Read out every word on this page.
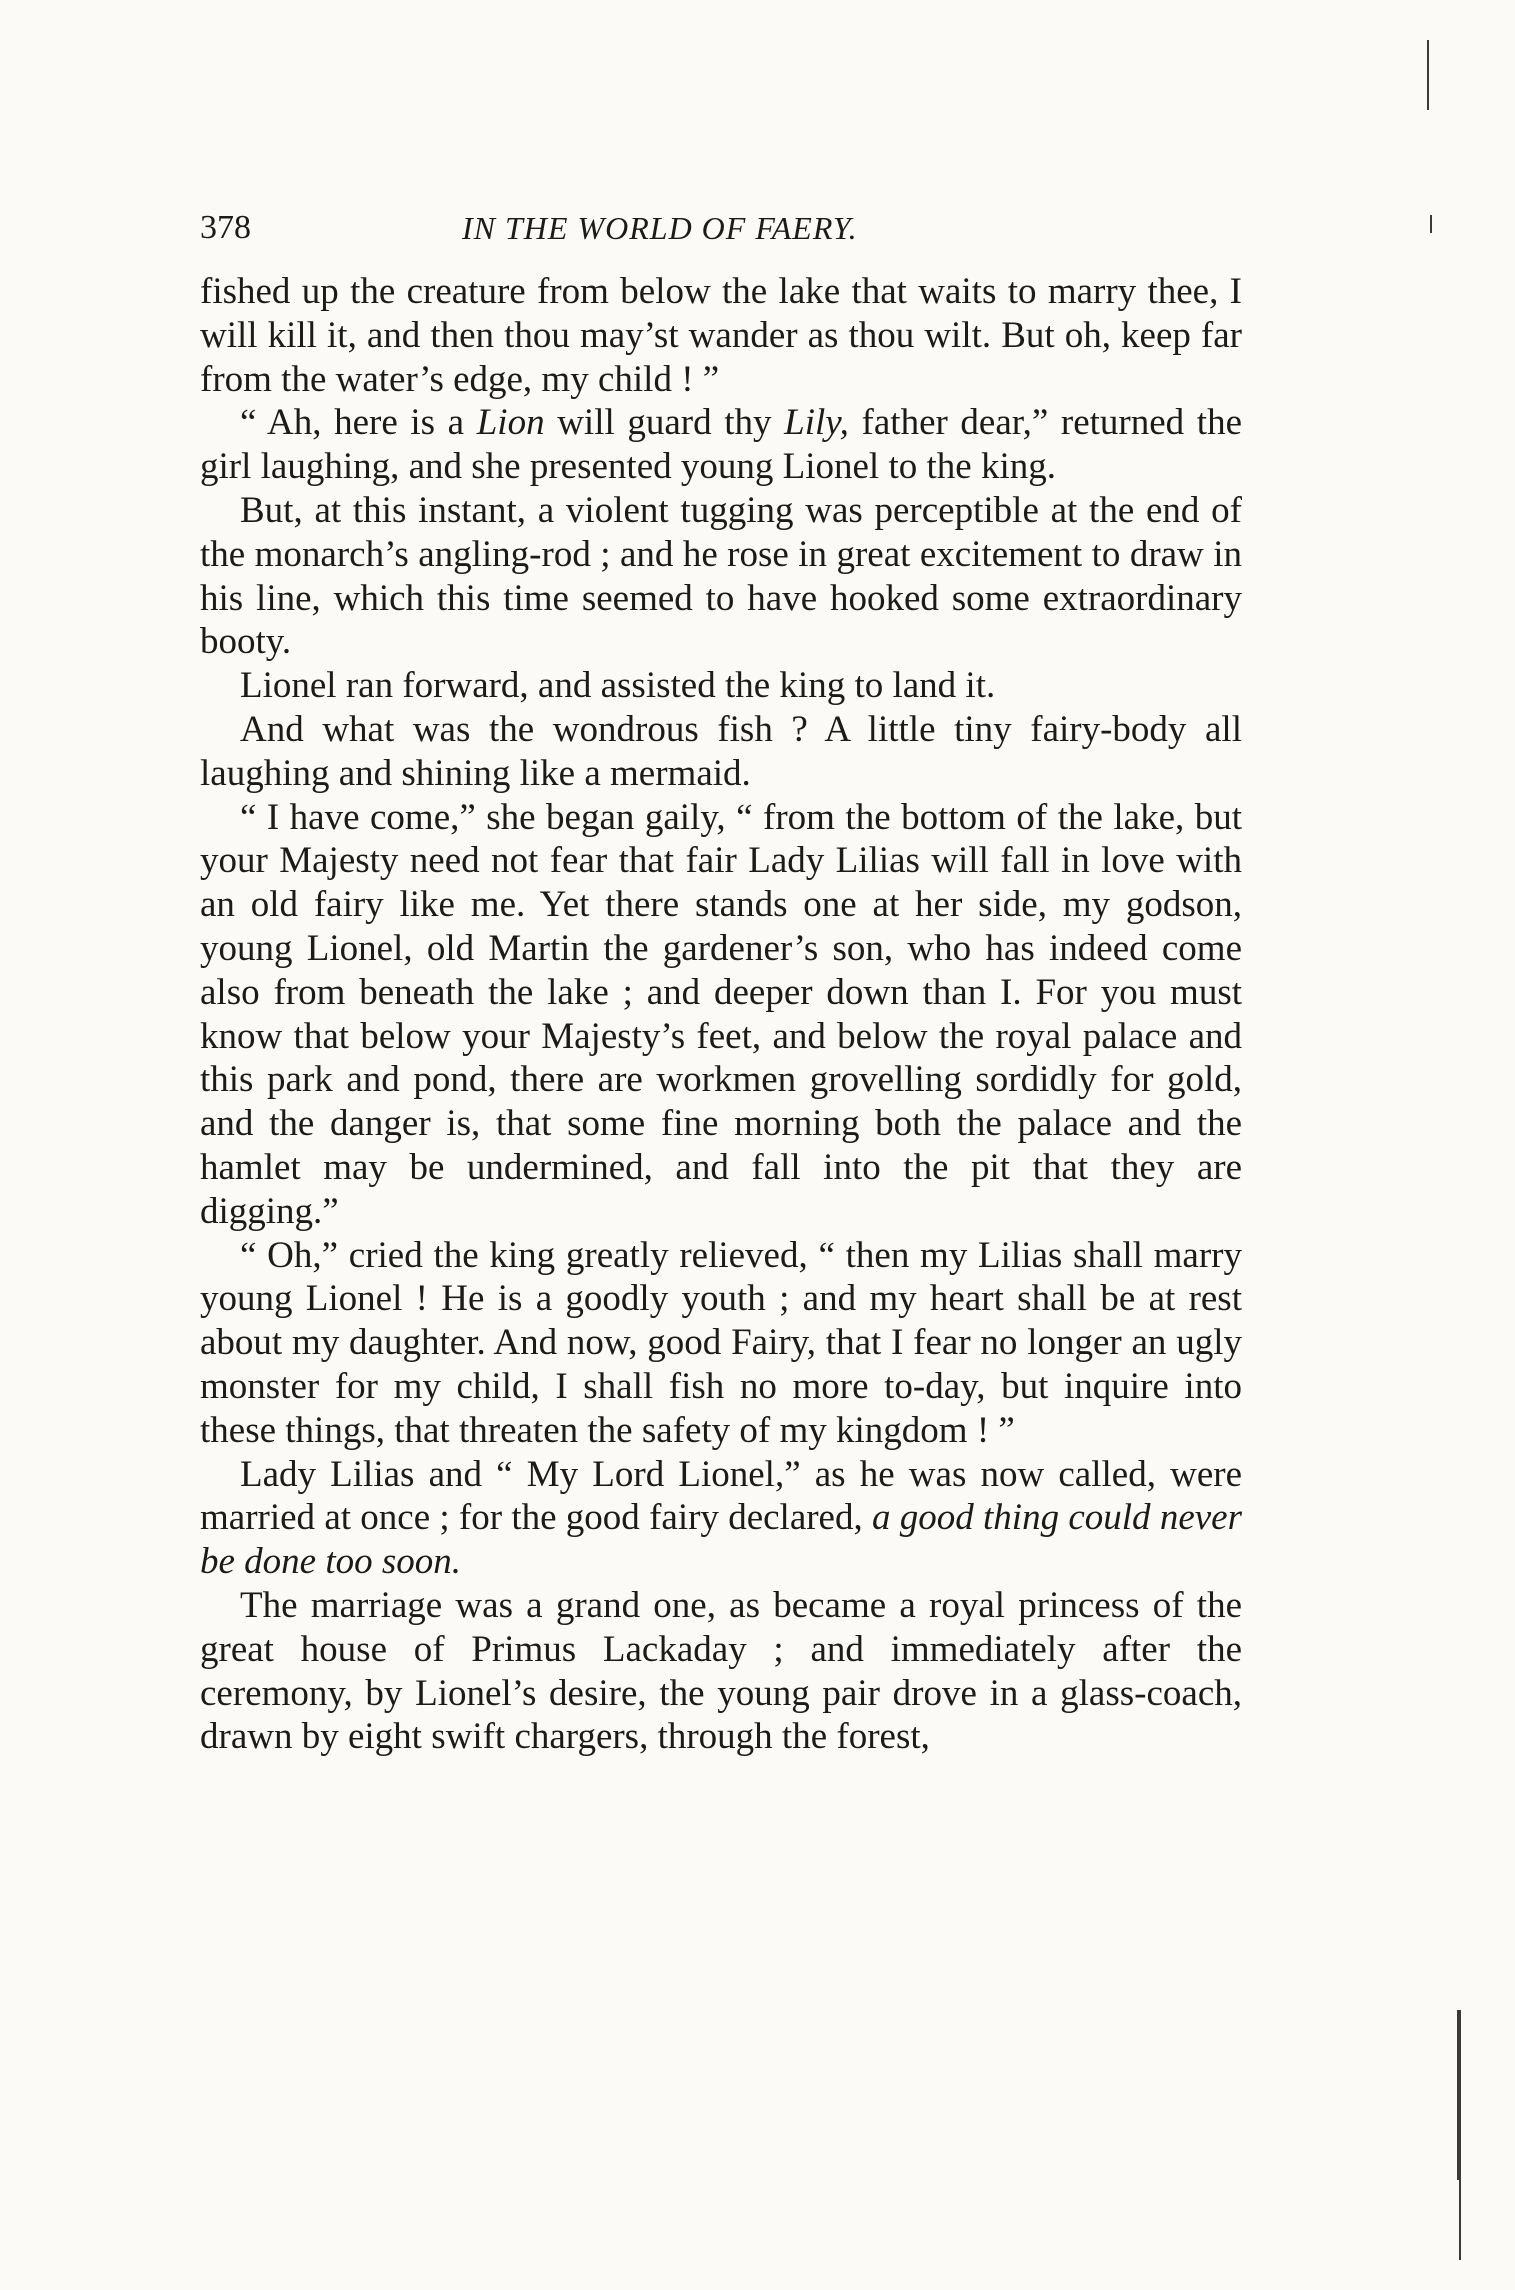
378	IN THE WORLD OF FAERY.

fished up the creature from below the lake that waits to marry thee, I will kill it, and then thou may’st wander as thou wilt. But oh, keep far from the water’s edge, my child ! ”

“ Ah, here is a Lion will guard thy Lily, father dear,” returned the girl laughing, and she presented young Lionel to the king.

But, at this instant, a violent tugging was perceptible at the end of the monarch’s angling-rod ; and he rose in great excitement to draw in his line, which this time seemed to have hooked some extraordinary booty.

Lionel ran forward, and assisted the king to land it.

And what was the wondrous fish ? A little tiny fairy-body all laughing and shining like a mermaid.

“ I have come,” she began gaily, “ from the bottom of the lake, but your Majesty need not fear that fair Lady Lilias will fall in love with an old fairy like me. Yet there stands one at her side, my godson, young Lionel, old Martin the gardener’s son, who has indeed come also from beneath the lake ; and deeper down than I. For you must know that below your Majesty’s feet, and below the royal palace and this park and pond, there are workmen grovelling sordidly for gold, and the danger is, that some fine morning both the palace and the hamlet may be undermined, and fall into the pit that they are digging.”

“ Oh,” cried the king greatly relieved, “ then my Lilias shall marry young Lionel ! He is a goodly youth ; and my heart shall be at rest about my daughter. And now, good Fairy, that I fear no longer an ugly monster for my child, I shall fish no more to-day, but inquire into these things, that threaten the safety of my kingdom ! ”

Lady Lilias and “ My Lord Lionel,” as he was now called, were married at once ; for the good fairy declared, a good thing could never be done too soon.

The marriage was a grand one, as became a royal princess of the great house of Primus Lackaday ; and immediately after the ceremony, by Lionel’s desire, the young pair drove in a glass-coach, drawn by eight swift chargers, through the forest,
